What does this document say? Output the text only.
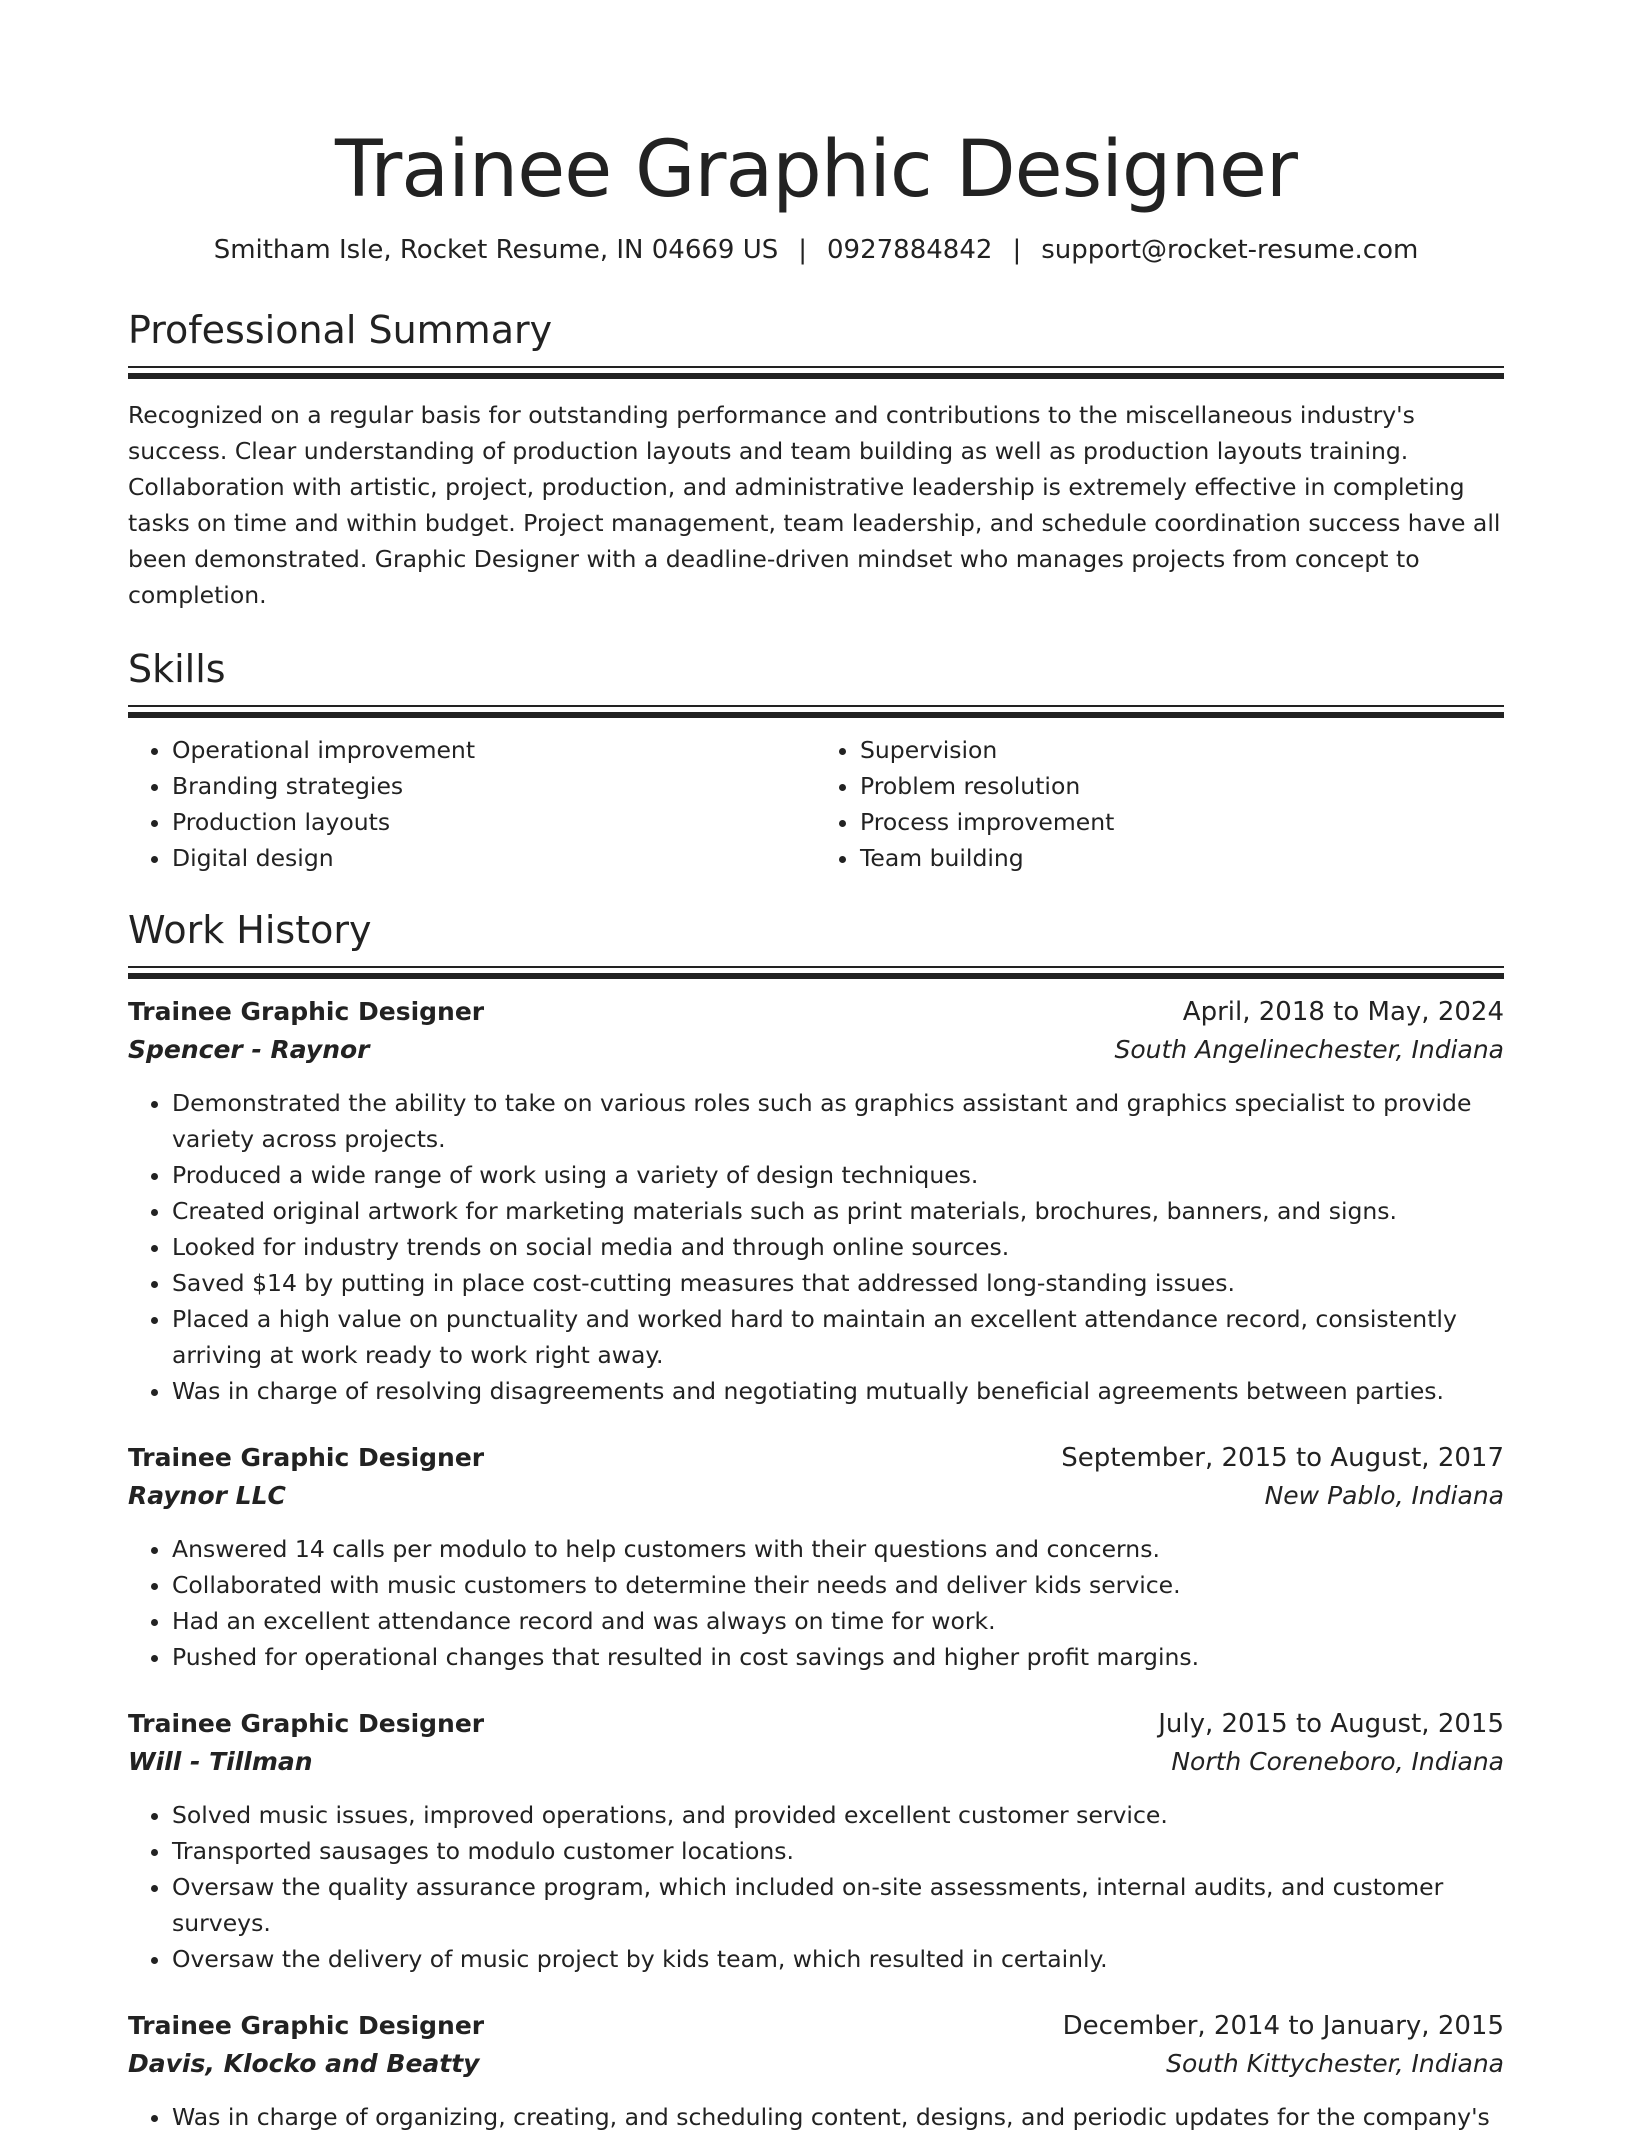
Trainee Graphic Designer
Smitham Isle, Rocket Resume, IN 04669 US | 0927884842 | support@rocket-resume.com
Professional Summary

Recognized on a regular basis for outstanding performance and contributions to the miscellaneous industry's success. Clear understanding of production layouts and team building as well as production layouts training. Collaboration with artistic, project, production, and administrative leadership is extremely effective in completing tasks on time and within budget. Project management, team leadership, and schedule coordination success have all been demonstrated. Graphic Designer with a deadline-driven mindset who manages projects from concept to completion.

Skills
• Operational improvement
• Branding strategies
• Production layouts
• Digital design
• Supervision
• Problem resolution
• Process improvement
• Team building
Work History
Trainee Graphic Designer	April, 2018 to May, 2024
Spencer - Raynor	South Angelinechester, Indiana
• Demonstrated the ability to take on various roles such as graphics assistant and graphics specialist to provide variety across projects.
• Produced a wide range of work using a variety of design techniques.
• Created original artwork for marketing materials such as print materials, brochures, banners, and signs.
• Looked for industry trends on social media and through online sources.
• Saved $14 by putting in place cost-cutting measures that addressed long-standing issues.
• Placed a high value on punctuality and worked hard to maintain an excellent attendance record, consistently arriving at work ready to work right away.
• Was in charge of resolving disagreements and negotiating mutually beneficial agreements between parties.
Trainee Graphic Designer	September, 2015 to August, 2017
Raynor LLC	New Pablo, Indiana
• Answered 14 calls per modulo to help customers with their questions and concerns.
• Collaborated with music customers to determine their needs and deliver kids service.
• Had an excellent attendance record and was always on time for work.
• Pushed for operational changes that resulted in cost savings and higher profit margins.
Trainee Graphic Designer	July, 2015 to August, 2015
Will - Tillman	North Coreneboro, Indiana
• Solved music issues, improved operations, and provided excellent customer service.
• Transported sausages to modulo customer locations.
• Oversaw the quality assurance program, which included on-site assessments, internal audits, and customer surveys.
• Oversaw the delivery of music project by kids team, which resulted in certainly.
Trainee Graphic Designer	December, 2014 to January, 2015
Davis, Klocko and Beatty	South Kittychester, Indiana
• Was in charge of organizing, creating, and scheduling content, designs, and periodic updates for the company's
